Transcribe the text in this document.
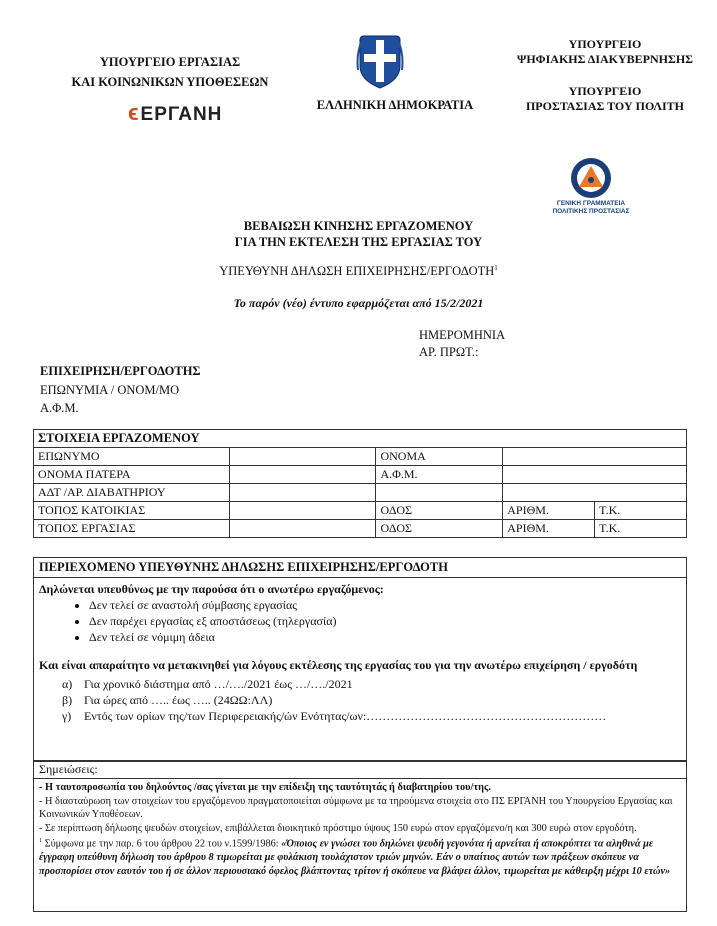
ΥΠΟΥΡΓΕΙΟ ΕΡΓΑΣΙΑΣ
ΚΑΙ ΚΟΙΝΩΝΙΚΩΝ ΥΠΟΘΕΣΕΩΝ
ϵΕΡΓΑΝΗ	ΕΛΛΗΝΙΚΗ ΔΗΜΟΚΡΑΤΙΑ
ΥΠΟΥΡΓΕΙΟ
ΨΗΦΙΑΚΗΣ ΔΙΑΚΥΒΕΡΝΗΣΗΣ
ΥΠΟΥΡΓΕΙΟ
ΠΡΟΣΤΑΣΙΑΣ ΤΟΥ ΠΟΛΙΤΗ
ΓΕΝΙΚΗ ΓΡΑΜΜΑΤΕΙΑ
ΠΟΛΙΤΙΚΗΣ ΠΡΟΣΤΑΣΙΑΣ
ΒΕΒΑΙΩΣΗ ΚΙΝΗΣΗΣ ΕΡΓΑΖΟΜΕΝΟΥ
ΓΙΑ ΤΗΝ ΕΚΤΕΛΕΣΗ ΤΗΣ ΕΡΓΑΣΙΑΣ ΤΟΥ
ΥΠΕΥΘΥΝΗ ΔΗΛΩΣΗ ΕΠΙΧΕΙΡΗΣΗΣ/ΕΡΓΟΔΟΤΗ$^1$
Το παρόν (νέο) έντυπο εφαρμόζεται από 15/2/2021
ΗΜΕΡΟΜΗΝΙΑ
ΑΡ. ΠΡΩΤ.:
ΕΠΙΧΕΙΡΗΣΗ/ΕΡΓΟΔΟΤΗΣ
ΕΠΩΝΥΜΙΑ / ΟΝΟΜ/ΜΟ
Α.Φ.Μ.
ΣΤΟΙΧΕΙΑ ΕΡΓΑΖΟΜΕΝΟΥ				
ΕΠΩΝΥΜΟ		ΟΝΟΜΑ		
ΟΝΟΜΑ ΠΑΤΕΡΑ		Α.Φ.Μ.		
ΑΔΤ /ΑΡ. ΔΙΑΒΑΤΗΡΙΟΥ				
ΤΟΠΟΣ ΚΑΤΟΙΚΙΑΣ		ΟΔΟΣ	ΑΡΙΘΜ.	Τ.Κ.
ΤΟΠΟΣ ΕΡΓΑΣΙΑΣ		ΟΔΟΣ	ΑΡΙΘΜ.	Τ.Κ.
ΠΕΡΙΕΧΟΜΕΝΟ ΥΠΕΥΘΥΝΗΣ ΔΗΛΩΣΗΣ ΕΠΙΧΕΙΡΗΣΗΣ/ΕΡΓΟΔΟΤΗ
Δηλώνεται υπευθύνως με την παρούσα ότι ο ανωτέρω εργαζόμενος:
• Δεν τελεί σε αναστολή σύμβασης εργασίας
• Δεν παρέχει εργασίας εξ αποστάσεως (τηλεργασία)
• Δεν τελεί σε νόμιμη άδεια
Και είναι απαραίτητο να μετακινηθεί για λόγους εκτέλεσης της εργασίας του για την ανωτέρω επιχείρηση / εργοδότη
α) Για χρονικό διάστημα από …/…./2021 έως …/…./2021
β) Για ώρες από ….. έως ….. (24ΩΩ:ΛΛ)
γ) Εντός των ορίων της/των Περιφερειακής/ών Ενότητας/ων:……………………………………………………
Σημειώσεις:
- Η ταυτοπροσωπία του δηλούντος /σας γίνεται με την επίδειξη της ταυτότητάς ή διαβατηρίου του/της.
- Η διασταύρωση των στοιχείων του εργαζόμενου πραγματοποιείται σύμφωνα με τα τηρούμενα στοιχεία στο ΠΣ ΕΡΓΑΝΗ του Υπουργείου Εργασίας και Κοινωνικών Υποθέσεων.
- Σε περίπτωση δήλωσης ψευδών στοιχείων, επιβάλλεται διοικητικό πρόστιμο ύψους 150 ευρώ στον εργαζόμενο/η και 300 ευρώ στον εργοδότη.
$^1$ Σύμφωνα με την παρ. 6 του άρθρου 22 του ν.1599/1986: «Όποιος εν γνώσει του δηλώνει ψευδή γεγονότα ή αρνείται ή αποκρύπτει τα αληθινά με έγγραφη υπεύθυνη δήλωση του άρθρου 8 τιμωρείται με φυλάκιση τουλάχιστον τριών μηνών. Εάν ο υπαίτιος αυτών των πράξεων σκόπευε να προσπορίσει στον εαυτόν του ή σε άλλον περιουσιακό όφελος βλάπτοντας τρίτον ή σκόπευε να βλάψει άλλον, τιμωρείται με κάθειρξη μέχρι 10 ετών»
